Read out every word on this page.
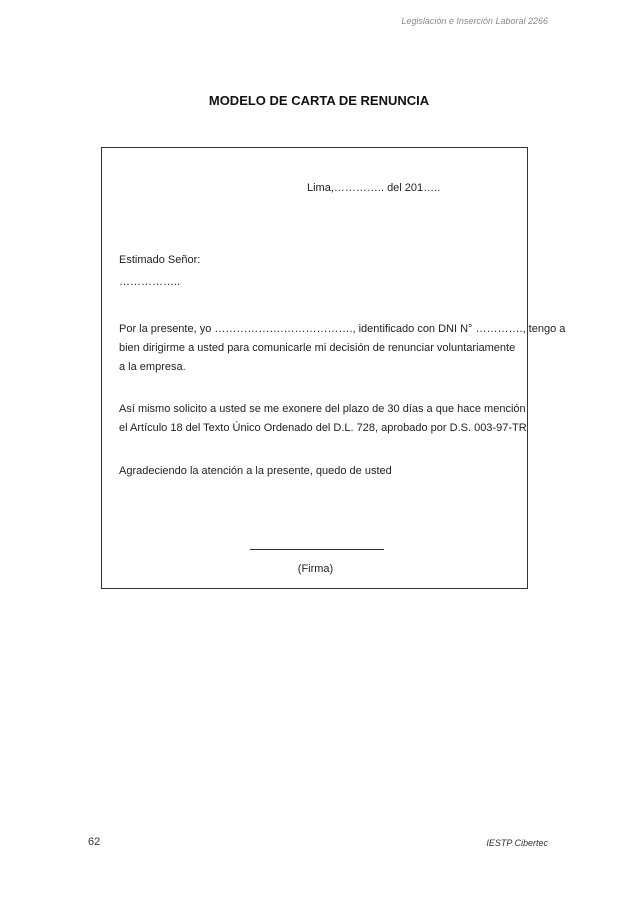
Legislación e Inserción Laboral 2266
MODELO DE CARTA DE RENUNCIA
Lima,………….. del 201…..
Estimado Señor:
……………..
Por la presente, yo ……………….………………., identificado con DNI N° …………., tengo a
bien dirigirme a usted para comunicarle mi decisión de renunciar voluntariamente
a la empresa.
Así mismo solicito a usted se me exonere del plazo de 30 días a que hace mención
el Artículo 18 del Texto Único Ordenado del D.L. 728, aprobado por D.S. 003-97-TR
Agradeciendo la atención a la presente, quedo de usted
(Firma)
62	IESTP Cibertec
